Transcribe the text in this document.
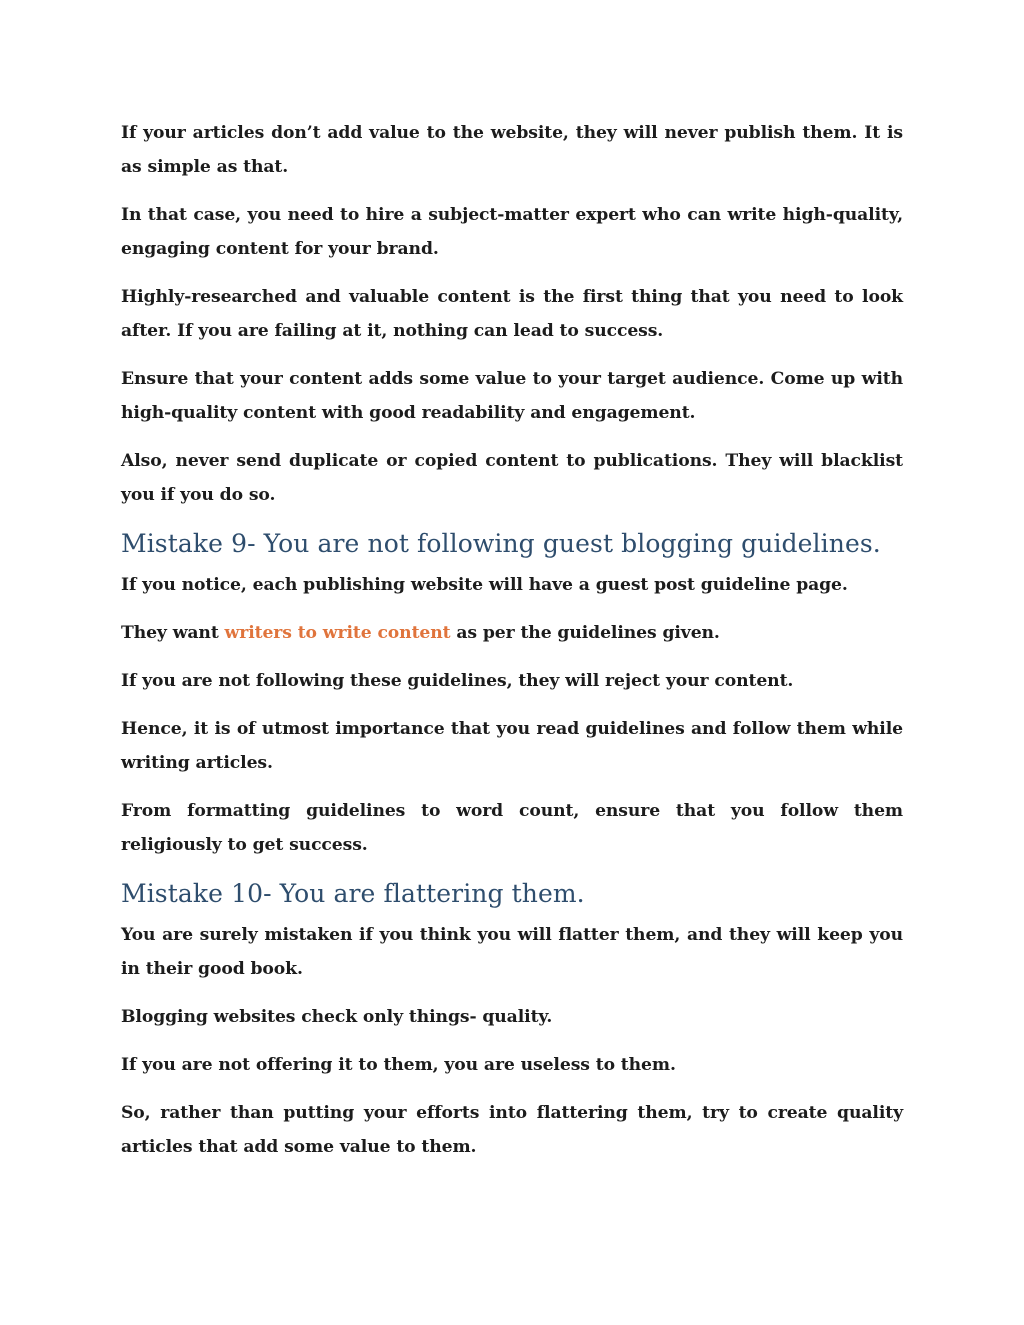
If your articles don’t add value to the website, they will never publish them. It is as simple as that.

In that case, you need to hire a subject-matter expert who can write high-quality, engaging content for your brand.

Highly-researched and valuable content is the first thing that you need to look after. If you are failing at it, nothing can lead to success.

Ensure that your content adds some value to your target audience. Come up with high-quality content with good readability and engagement.

Also, never send duplicate or copied content to publications. They will blacklist you if you do so.

Mistake 9- You are not following guest blogging guidelines.

If you notice, each publishing website will have a guest post guideline page.

They want writers to write content as per the guidelines given.

If you are not following these guidelines, they will reject your content.

Hence, it is of utmost importance that you read guidelines and follow them while writing articles.

From formatting guidelines to word count, ensure that you follow them religiously to get success.

Mistake 10- You are flattering them.

You are surely mistaken if you think you will flatter them, and they will keep you in their good book.

Blogging websites check only things- quality.

If you are not offering it to them, you are useless to them.

So, rather than putting your efforts into flattering them, try to create quality articles that add some value to them.
